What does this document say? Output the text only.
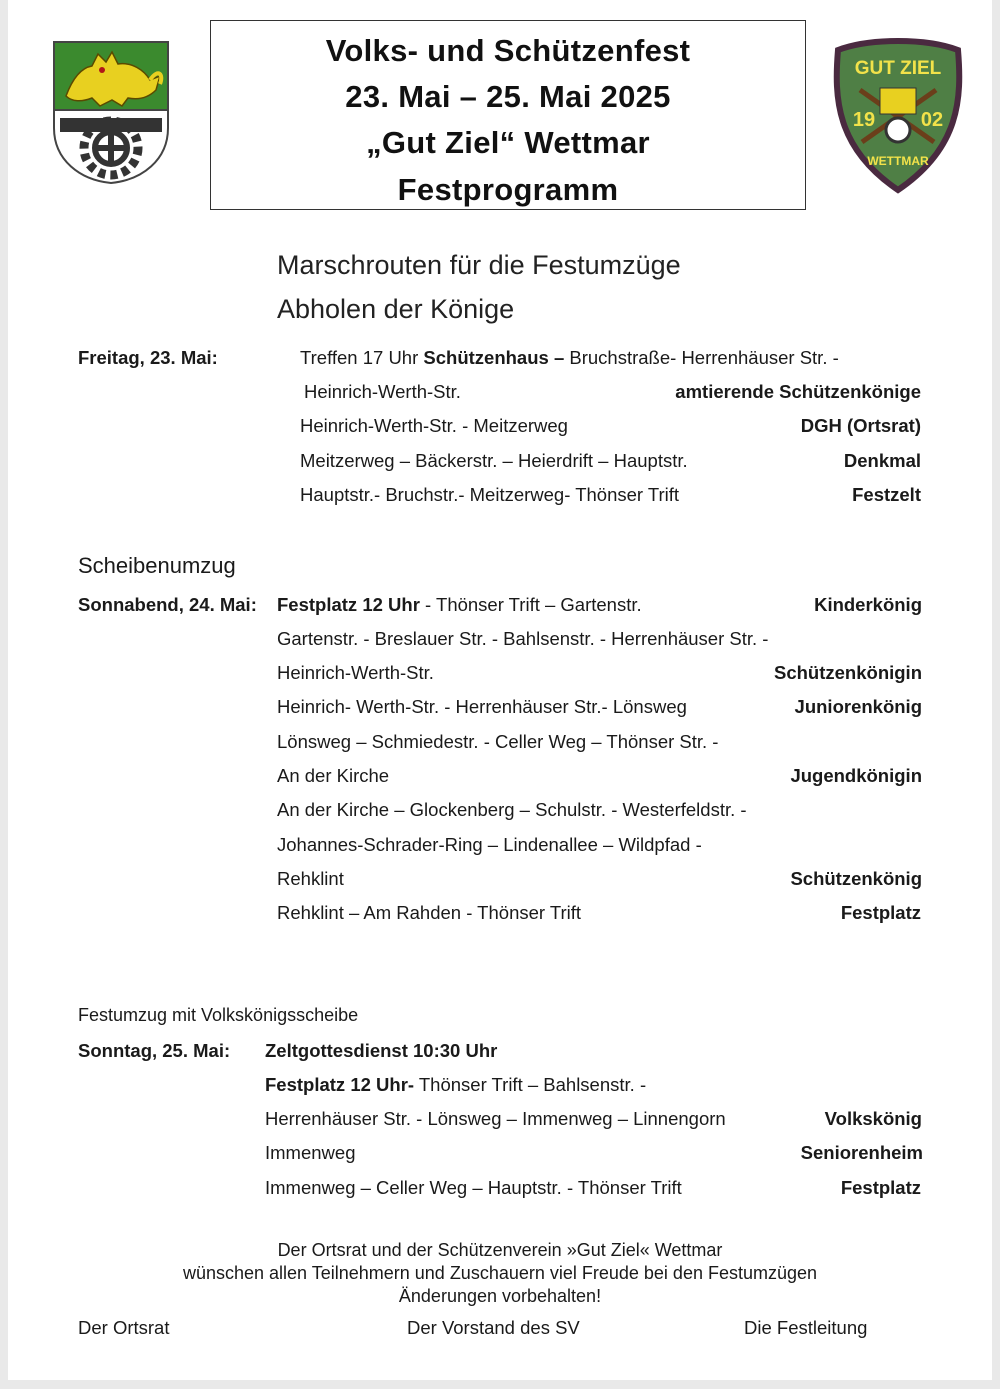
Volks- und Schützenfest
23. Mai – 25. Mai 2025
„Gut Ziel“ Wettmar
Festprogramm
GUT ZIEL
19 02
WETTMAR
Marschrouten für die Festumzüge
Abholen der Könige
Freitag, 23. Mai:	Treffen 17 Uhr Schützenhaus – Bruchstraße- Herrenhäuser Str. -
Heinrich-Werth-Str.	amtierende Schützenkönige
Heinrich-Werth-Str. - Meitzerweg	DGH (Ortsrat)
Meitzerweg – Bäckerstr. – Heierdrift – Hauptstr.	Denkmal
Hauptstr.- Bruchstr.- Meitzerweg- Thönser Trift	Festzelt
Scheibenumzug
Sonnabend, 24. Mai: Festplatz 12 Uhr - Thönser Trift – Gartenstr.	Kinderkönig
Gartenstr. - Breslauer Str. - Bahlsenstr. - Herrenhäuser Str. -
Heinrich-Werth-Str.	Schützenkönigin
Heinrich- Werth-Str. - Herrenhäuser Str.- Lönsweg	Juniorenkönig
Lönsweg – Schmiedestr. - Celler Weg – Thönser Str. -
An der Kirche	Jugendkönigin
An der Kirche – Glockenberg – Schulstr. - Westerfeldstr. -
Johannes-Schrader-Ring – Lindenallee – Wildpfad -
Rehklint	Schützenkönig
Rehklint – Am Rahden - Thönser Trift	Festplatz
Festumzug mit Volkskönigsscheibe
Sonntag, 25. Mai: Zeltgottesdienst 10:30 Uhr
Festplatz 12 Uhr- Thönser Trift – Bahlsenstr. -
Herrenhäuser Str. - Lönsweg – Immenweg – Linnengorn	Volkskönig
Immenweg	Seniorenheim
Immenweg – Celler Weg – Hauptstr. - Thönser Trift	Festplatz
Der Ortsrat und der Schützenverein »Gut Ziel« Wettmar
wünschen allen Teilnehmern und Zuschauern viel Freude bei den Festumzügen
Änderungen vorbehalten!
Der Ortsrat	Der Vorstand des SV	Die Festleitung
